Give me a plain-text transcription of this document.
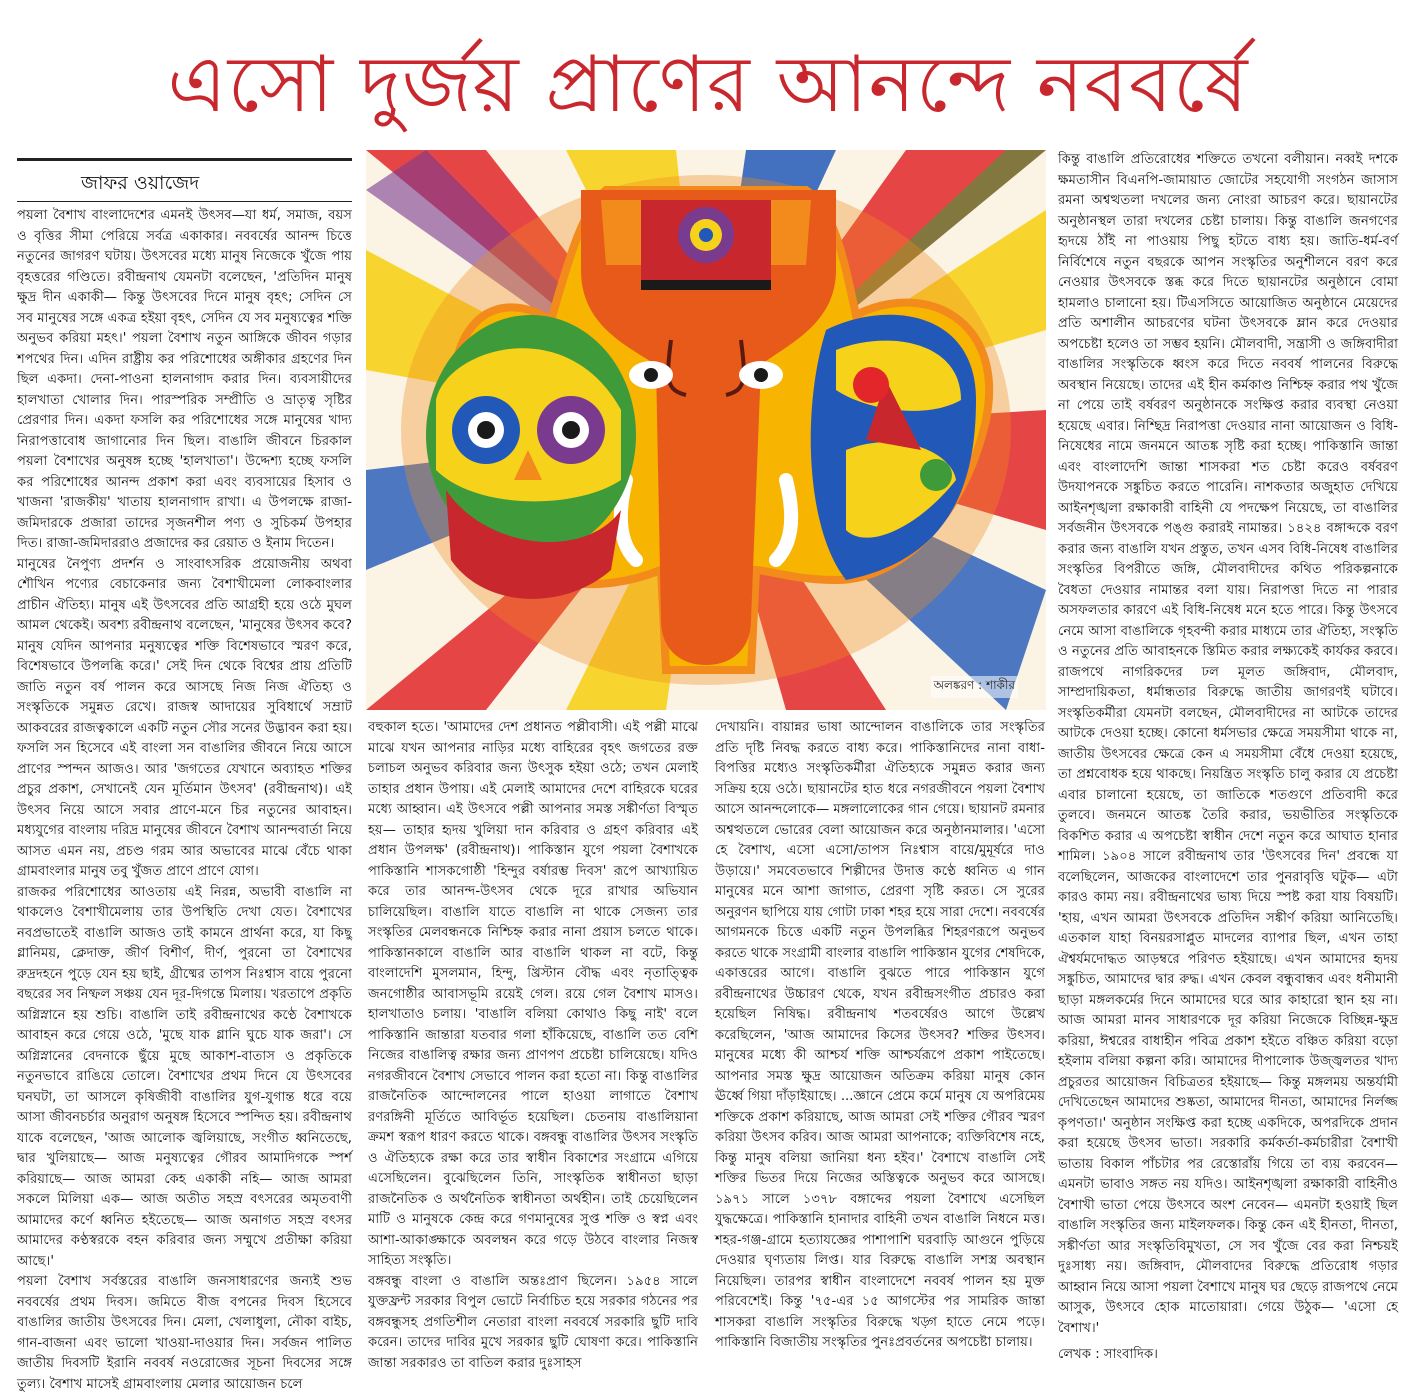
এসো দুর্জয় প্রাণের আনন্দে নববর্ষে
জাফর ওয়াজেদ

পয়লা বৈশাখ বাংলাদেশের এমনই উৎসব—যা ধর্ম, সমাজ, বয়স ও বৃত্তির সীমা পেরিয়ে সর্বত্র একাকার। নববর্ষের আনন্দ চিত্তে নতুনের জাগরণ ঘটায়। উৎসবের মধ্যে মানুষ নিজেকে খুঁজে পায় বৃহত্তরের গণ্ডিতে। রবীন্দ্রনাথ যেমনটা বলেছেন, 'প্রতিদিন মানুষ ক্ষুদ্র দীন একাকী— কিন্তু উৎসবের দিনে মানুষ বৃহৎ; সেদিন সে সব মানুষের সঙ্গে একত্র হইয়া বৃহৎ, সেদিন যে সব মনুষ্যত্বের শক্তি অনুভব করিয়া মহৎ।' পয়লা বৈশাখ নতুন আঙ্গিকে জীবন গড়ার শপথের দিন। এদিন রাষ্ট্রীয় কর পরিশোধের অঙ্গীকার গ্রহণের দিন ছিল একদা। দেনা-পাওনা হালনাগাদ করার দিন। ব্যবসায়ীদের হালখাতা খোলার দিন। পারস্পরিক সম্প্রীতি ও ভ্রাতৃত্ব সৃষ্টির প্রেরণার দিন। একদা ফসলি কর পরিশোধের সঙ্গে মানুষের খাদ্য নিরাপত্তাবোধ জাগানোর দিন ছিল। বাঙালি জীবনে চিরকাল পয়লা বৈশাখের অনুষঙ্গ হচ্ছে 'হালখাতা'। উদ্দেশ্য হচ্ছে ফসলি কর পরিশোধের আনন্দ প্রকাশ করা এবং ব্যবসায়ের হিসাব ও খাজনা 'রাজকীয়' খাতায় হালনাগাদ রাখা। এ উপলক্ষে রাজা-জমিদারকে প্রজারা তাদের সৃজনশীল পণ্য ও সুচিকর্ম উপহার দিত। রাজা-জমিদাররাও প্রজাদের কর রেয়াত ও ইনাম দিতেন।

মানুষের নৈপুণ্য প্রদর্শন ও সাংবাৎসরিক প্রয়োজনীয় অথবা শৌখিন পণ্যের বেচাকেনার জন্য বৈশাখীমেলা লোকবাংলার প্রাচীন ঐতিহ্য। মানুষ এই উৎসবের প্রতি আগ্রহী হয়ে ওঠে মুঘল আমল থেকেই। অবশ্য রবীন্দ্রনাথ বলেছেন, 'মানুষের উৎসব কবে? মানুষ যেদিন আপনার মনুষ্যত্বের শক্তি বিশেষভাবে স্মরণ করে, বিশেষভাবে উপলব্ধি করে।' সেই দিন থেকে বিশ্বের প্রায় প্রতিটি জাতি নতুন বর্ষ পালন করে আসছে নিজ নিজ ঐতিহ্য ও সংস্কৃতিকে সমুন্নত রেখে। রাজস্ব আদায়ের সুবিধার্থে সম্রাট আকবরের রাজত্বকালে একটি নতুন সৌর সনের উদ্ভাবন করা হয়। ফসলি সন হিসেবে এই বাংলা সন বাঙালির জীবনে নিয়ে আসে প্রাণের স্পন্দন আজও। আর 'জগতের যেখানে অব্যাহত শক্তির প্রচুর প্রকাশ, সেখানেই যেন মূর্তিমান উৎসব' (রবীন্দ্রনাথ)। এই উৎসব নিয়ে আসে সবার প্রাণে-মনে চির নতুনের আবাহন। মধ্যযুগের বাংলায় দরিদ্র মানুষের জীবনে বৈশাখ আনন্দবার্তা নিয়ে আসত এমন নয়, প্রচণ্ড গরম আর অভাবের মাঝে বেঁচে থাকা গ্রামবাংলার মানুষ তবু খুঁজত প্রাণে প্রাণে যোগ।

রাজকর পরিশোধের আওতায় এই নিরন্ন, অভাবী বাঙালি না থাকলেও বৈশাখীমেলায় তার উপস্থিতি দেখা যেত। বৈশাখের নবপ্রভাতেই বাঙালি আজও তাই কামনে প্রার্থনা করে, যা কিছু গ্লানিময়, ক্লেদাক্ত, জীর্ণ বিশীর্ণ, দীর্ণ, পুরনো তা বৈশাখের রুদ্রদহনে পুড়ে যেন হয় ছাই, গ্রীষ্মের তাপস নিঃশ্বাস বায়ে পুরনো বছরের সব নিষ্ফল সঞ্চয় যেন দূর-দিগন্তে মিলায়। খরতাপে প্রকৃতি অগ্নিস্নানে হয় শুচি। বাঙালি তাই রবীন্দ্রনাথের কণ্ঠে বৈশাখকে আবাহন করে গেয়ে ওঠে, 'মুছে যাক গ্লানি ঘুচে যাক জরা'। সে অগ্নিস্নানের বেদনাকে ছুঁয়ে মুছে আকাশ-বাতাস ও প্রকৃতিকে নতুনভাবে রাঙিয়ে তোলে। বৈশাখের প্রথম দিনে যে উৎসবের ঘনঘটা, তা আসলে কৃষিজীবী বাঙালির যুগ-যুগান্ত ধরে বয়ে আসা জীবনচর্চার অনুরাগ অনুষঙ্গ হিসেবে স্পন্দিত হয়। রবীন্দ্রনাথ যাকে বলেছেন, 'আজ আলোক জ্বলিয়াছে, সংগীত ধ্বনিতেছে, দ্বার খুলিয়াছে— আজ মনুষ্যত্বের গৌরব আমাদিগকে স্পর্শ করিয়াছে— আজ আমরা কেহ একাকী নহি— আজ আমরা সকলে মিলিয়া এক— আজ অতীত সহস্র বৎসরের অমৃতবাণী আমাদের কর্ণে ধ্বনিত হইতেছে— আজ অনাগত সহস্র বৎসর আমাদের কণ্ঠস্বরকে বহন করিবার জন্য সম্মুখে প্রতীক্ষা করিয়া আছে।'

পয়লা বৈশাখ সর্বস্তরের বাঙালি জনসাধারণের জন্যই শুভ নববর্ষের প্রথম দিবস। জমিতে বীজ বপনের দিবস হিসেবে বাঙালির জাতীয় উৎসবের দিন। মেলা, খেলাধুলা, নৌকা বাইচ, গান-বাজনা এবং ভালো খাওয়া-দাওয়ার দিন। সর্বজন পালিত জাতীয় দিবসটি ইরানি নববর্ষ নওরোজের সূচনা দিবসের সঙ্গে তুল্য। বৈশাখ মাসেই গ্রামবাংলায় মেলার আয়োজন চলে

অলঙ্করণ : শাকীর

বহুকাল হতে। 'আমাদের দেশ প্রধানত পল্লীবাসী। এই পল্লী মাঝে মাঝে যখন আপনার নাড়ির মধ্যে বাহিরের বৃহৎ জগতের রক্ত চলাচল অনুভব করিবার জন্য উৎসুক হইয়া ওঠে; তখন মেলাই তাহার প্রধান উপায়। এই মেলাই আমাদের দেশে বাহিরকে ঘরের মধ্যে আহ্বান। এই উৎসবে পল্লী আপনার সমস্ত সঙ্কীর্ণতা বিস্মৃত হয়— তাহার হৃদয় খুলিয়া দান করিবার ও গ্রহণ করিবার এই প্রধান উপলক্ষ' (রবীন্দ্রনাথ)। পাকিস্তান যুগে পয়লা বৈশাখকে পাকিস্তানি শাসকগোষ্ঠী 'হিন্দুর বর্ষারম্ভ দিবস' রূপে আখ্যায়িত করে তার আনন্দ-উৎসব থেকে দূরে রাখার অভিযান চালিয়েছিল। বাঙালি যাতে বাঙালি না থাকে সেজন্য তার সংস্কৃতির মেলবন্ধনকে নিশ্চিহ্ন করার নানা প্রয়াস চলতে থাকে। পাকিস্তানকালে বাঙালি আর বাঙালি থাকল না বটে, কিন্তু বাংলাদেশি মুসলমান, হিন্দু, খ্রিস্টান বৌদ্ধ এবং নৃতাত্ত্বিক জনগোষ্ঠীর আবাসভূমি রয়েই গেল। রয়ে গেল বৈশাখ মাসও। হালখাতাও চলায়। 'বাঙালি বলিয়া কোথাও কিছু নাই' বলে পাকিস্তানি জান্তারা যতবার গলা হাঁকিয়েছে, বাঙালি তত বেশি নিজের বাঙালিত্ব রক্ষার জন্য প্রাণপণ প্রচেষ্টা চালিয়েছে। যদিও নগরজীবনে বৈশাখ সেভাবে পালন করা হতো না। কিন্তু বাঙালির রাজনৈতিক আন্দোলনের পালে হাওয়া লাগাতে বৈশাখ রণরঙ্গিনী মূর্তিতে আবির্ভূত হয়েছিল। চেতনায় বাঙালিয়ানা ক্রমশ স্বরূপ ধারণ করতে থাকে। বঙ্গবন্ধু বাঙালির উৎসব সংস্কৃতি ও ঐতিহ্যকে রক্ষা করে তার স্বাধীন বিকাশের সংগ্রামে এগিয়ে এসেছিলেন। বুঝেছিলেন তিনি, সাংস্কৃতিক স্বাধীনতা ছাড়া রাজনৈতিক ও অর্থনৈতিক স্বাধীনতা অর্থহীন। তাই চেয়েছিলেন মাটি ও মানুষকে কেন্দ্র করে গণমানুষের সুপ্ত শক্তি ও স্বপ্ন এবং আশা-আকাঙ্ক্ষাকে অবলম্বন করে গড়ে উঠবে বাংলার নিজস্ব সাহিত্য সংস্কৃতি।

বঙ্গবন্ধু বাংলা ও বাঙালি অন্তঃপ্রাণ ছিলেন। ১৯৫৪ সালে যুক্তফ্রন্ট সরকার বিপুল ভোটে নির্বাচিত হয়ে সরকার গঠনের পর বঙ্গবন্ধুসহ প্রগতিশীল নেতারা বাংলা নববর্ষে সরকারি ছুটি দাবি করেন। তাদের দাবির মুখে সরকার ছুটি ঘোষণা করে। পাকিস্তানি জান্তা সরকারও তা বাতিল করার দুঃসাহস

দেখায়নি। বায়ান্নর ভাষা আন্দোলন বাঙালিকে তার সংস্কৃতির প্রতি দৃষ্টি নিবদ্ধ করতে বাধ্য করে। পাকিস্তানিদের নানা বাধা-বিপত্তির মধ্যেও সংস্কৃতিকর্মীরা ঐতিহ্যকে সমুন্নত করার জন্য সক্রিয় হয়ে ওঠে। ছায়ানটের হাত ধরে নগরজীবনে পয়লা বৈশাখ আসে আনন্দলোকে— মঙ্গলালোকের গান গেয়ে। ছায়ানট রমনার অশ্বত্থতলে ভোরের বেলা আয়োজন করে অনুষ্ঠানমালার। 'এসো হে বৈশাখ, এসো এসো/তাপস নিঃশ্বাস বায়ে/মুমূর্ষরে দাও উড়ায়ে।' সমবেতভাবে শিল্পীদের উদাত্ত কণ্ঠে ধ্বনিত এ গান মানুষের মনে আশা জাগাত, প্রেরণা সৃষ্টি করত। সে সুরের অনুরণন ছাপিয়ে যায় গোটা ঢাকা শহর হয়ে সারা দেশে। নববর্ষের আগমনকে চিত্তে একটি নতুন উপলব্ধির শিহরণরূপে অনুভব করতে থাকে সংগ্রামী বাংলার বাঙালি পাকিস্তান যুগের শেষদিকে, একাত্তরের আগে। বাঙালি বুঝতে পারে পাকিস্তান যুগে রবীন্দ্রনাথের উচ্চারণ থেকে, যখন রবীন্দ্রসংগীত প্রচারও করা হয়েছিল নিষিদ্ধ। রবীন্দ্রনাথ শতবর্ষেরও আগে উল্লেখ করেছিলেন, 'আজ আমাদের কিসের উৎসব? শক্তির উৎসব। মানুষের মধ্যে কী আশ্চর্য শক্তি আশ্চর্যরূপে প্রকাশ পাইতেছে। আপনার সমস্ত ক্ষুদ্র আয়োজন অতিক্রম করিয়া মানুষ কোন ঊর্ধ্বে গিয়া দাঁড়াইয়াছে। ...জ্ঞানে প্রেমে কর্মে মানুষ যে অপরিমেয় শক্তিকে প্রকাশ করিয়াছে, আজ আমরা সেই শক্তির গৌরব স্মরণ করিয়া উৎসব করিব। আজ আমরা আপনাকে; ব্যক্তিবিশেষ নহে, কিন্তু মানুষ বলিয়া জানিয়া ধন্য হইব।' বৈশাখে বাঙালি সেই শক্তির ভিতর দিয়ে নিজের অস্তিত্বকে অনুভব করে আসছে। ১৯৭১ সালে ১৩৭৮ বঙ্গাব্দের পয়লা বৈশাখে এসেছিল যুদ্ধক্ষেত্রে। পাকিস্তানি হানাদার বাহিনী তখন বাঙালি নিধনে মত্ত। শহর-গঞ্জ-গ্রামে হত্যাযজ্ঞের পাশাপাশি ঘরবাড়ি আগুনে পুড়িয়ে দেওয়ার ঘৃণ্যতায় লিপ্ত। যার বিরুদ্ধে বাঙালি সশস্ত্র অবস্থান নিয়েছিল। তারপর স্বাধীন বাংলাদেশে নববর্ষ পালন হয় মুক্ত পরিবেশেই। কিন্তু '৭৫-এর ১৫ আগস্টের পর সামরিক জান্তা শাসকরা বাঙালি সংস্কৃতির বিরুদ্ধে খড়্গ হাতে নেমে পড়ে। পাকিস্তানি বিজাতীয় সংস্কৃতির পুনঃপ্রবর্তনের অপচেষ্টা চালায়।

কিন্তু বাঙালি প্রতিরোধের শক্তিতে তখনো বলীয়ান। নব্বই দশকে ক্ষমতাসীন বিএনপি-জামায়াত জোটের সহযোগী সংগঠন জাসাস রমনা অশ্বত্থতলা দখলের জন্য নোংরা আচরণ করে। ছায়ানটের অনুষ্ঠানস্থল তারা দখলের চেষ্টা চালায়। কিন্তু বাঙালি জনগণের হৃদয়ে ঠাঁই না পাওয়ায় পিছু হটতে বাধ্য হয়। জাতি-ধর্ম-বর্ণ নির্বিশেষে নতুন বছরকে আপন সংস্কৃতির অনুশীলনে বরণ করে নেওয়ার উৎসবকে স্তব্ধ করে দিতে ছায়ানটের অনুষ্ঠানে বোমা হামলাও চালানো হয়। টিএসসিতে আয়োজিত অনুষ্ঠানে মেয়েদের প্রতি অশালীন আচরণের ঘটনা উৎসবকে ম্লান করে দেওয়ার অপচেষ্টা হলেও তা সম্ভব হয়নি। মৌলবাদী, সন্ত্রাসী ও জঙ্গিবাদীরা বাঙালির সংস্কৃতিকে ধ্বংস করে দিতে নববর্ষ পালনের বিরুদ্ধে অবস্থান নিয়েছে। তাদের এই হীন কর্মকাণ্ড নিশ্চিহ্ন করার পথ খুঁজে না পেয়ে তাই বর্ষবরণ অনুষ্ঠানকে সংক্ষিপ্ত করার ব্যবস্থা নেওয়া হয়েছে এবার। নিশ্ছিদ্র নিরাপত্তা দেওয়ার নানা আয়োজন ও বিধি-নিষেধের নামে জনমনে আতঙ্ক সৃষ্টি করা হচ্ছে। পাকিস্তানি জান্তা এবং বাংলাদেশি জান্তা শাসকরা শত চেষ্টা করেও বর্ষবরণ উদযাপনকে সঙ্কুচিত করতে পারেনি। নাশকতার অজুহাত দেখিয়ে আইনশৃঙ্খলা রক্ষাকারী বাহিনী যে পদক্ষেপ নিয়েছে, তা বাঙালির সর্বজনীন উৎসবকে পঙ্গু করারই নামান্তর। ১৪২৪ বঙ্গাব্দকে বরণ করার জন্য বাঙালি যখন প্রস্তুত, তখন এসব বিধি-নিষেধ বাঙালির সংস্কৃতির বিপরীতে জঙ্গি, মৌলবাদীদের কথিত পরিকল্পনাকে বৈধতা দেওয়ার নামান্তর বলা যায়। নিরাপত্তা দিতে না পারার অসফলতার কারণে এই বিধি-নিষেধ মনে হতে পারে। কিন্তু উৎসবে নেমে আসা বাঙালিকে গৃহবন্দী করার মাধ্যমে তার ঐতিহ্য, সংস্কৃতি ও নতুনের প্রতি আবাহনকে স্তিমিত করার লক্ষ্যকেই কার্যকর করবে। রাজপথে নাগরিকদের ঢল মূলত জঙ্গিবাদ, মৌলবাদ, সাম্প্রদায়িকতা, ধর্মান্ধতার বিরুদ্ধে জাতীয় জাগরণই ঘটাবে। সংস্কৃতিকর্মীরা যেমনটা বলছেন, মৌলবাদীদের না আটকে তাদের আটকে দেওয়া হচ্ছে। কোনো ধর্মসভার ক্ষেত্রে সময়সীমা থাকে না, জাতীয় উৎসবের ক্ষেত্রে কেন এ সময়সীমা বেঁধে দেওয়া হয়েছে, তা প্রশ্নবোধক হয়ে থাকছে। নিয়ন্ত্রিত সংস্কৃতি চালু করার যে প্রচেষ্টা এবার চালানো হয়েছে, তা জাতিকে শতগুণে প্রতিবাদী করে তুলবে। জনমনে আতঙ্ক তৈরি করার, ভয়ভীতির সংস্কৃতিকে বিকশিত করার এ অপচেষ্টা স্বাধীন দেশে নতুন করে আঘাত হানার শামিল। ১৯০৪ সালে রবীন্দ্রনাথ তার 'উৎসবের দিন' প্রবন্ধে যা বলেছিলেন, আজকের বাংলাদেশে তার পুনরাবৃত্তি ঘটুক— এটা কারও কাম্য নয়। রবীন্দ্রনাথের ভাষ্য দিয়ে স্পষ্ট করা যায় বিষয়টি। 'হায়, এখন আমরা উৎসবকে প্রতিদিন সঙ্কীর্ণ করিয়া আনিতেছি। এতকাল যাহা বিনয়রসাপ্লুত মাদলের ব্যাপার ছিল, এখন তাহা ঐশ্বর্যমদোদ্ধত আড়ম্বরে পরিণত হইয়াছে। এখন আমাদের হৃদয় সঙ্কুচিত, আমাদের দ্বার রুদ্ধ। এখন কেবল বন্ধুবান্ধব এবং ধনীমানী ছাড়া মঙ্গলকর্মের দিনে আমাদের ঘরে আর কাহারো স্থান হয় না। আজ আমরা মানব সাধারণকে দূর করিয়া নিজেকে বিচ্ছিন্ন-ক্ষুদ্র করিয়া, ঈশ্বরের বাধাহীন পবিত্র প্রকাশ হইতে বঞ্চিত করিয়া বড়ো হইলাম বলিয়া কল্পনা করি। আমাদের দীপালোক উজ্জ্বলতর খাদ্য প্রচুরতর আয়োজন বিচিত্রতর হইয়াছে— কিন্তু মঙ্গলময় অন্তর্যামী দেখিতেছেন আমাদের শুষ্কতা, আমাদের দীনতা, আমাদের নির্লজ্জ কৃপণতা।' অনুষ্ঠান সংক্ষিপ্ত করা হচ্ছে একদিকে, অপরদিকে প্রদান করা হয়েছে উৎসব ভাতা। সরকারি কর্মকর্তা-কর্মচারীরা বৈশাখী ভাতায় বিকাল পাঁচটার পর রেস্তোরাঁয় গিয়ে তা ব্যয় করবেন— এমনটা ভাবাও সঙ্গত নয় যদিও। আইনশৃঙ্খলা রক্ষাকারী বাহিনীও বৈশাখী ভাতা পেয়ে উৎসবে অংশ নেবেন— এমনটা হওয়াই ছিল বাঙালি সংস্কৃতির জন্য মাইলফলক। কিন্তু কেন এই হীনতা, দীনতা, সঙ্কীর্ণতা আর সংস্কৃতিবিমুখতা, সে সব খুঁজে বের করা নিশ্চয়ই দুঃসাধ্য নয়। জঙ্গিবাদ, মৌলবাদের বিরুদ্ধে প্রতিরোধ গড়ার আহ্বান নিয়ে আসা পয়লা বৈশাখে মানুষ ঘর ছেড়ে রাজপথে নেমে আসুক, উৎসবে হোক মাতোয়ারা। গেয়ে উঠুক— 'এসো হে বৈশাখ।'

লেখক : সাংবাদিক।
